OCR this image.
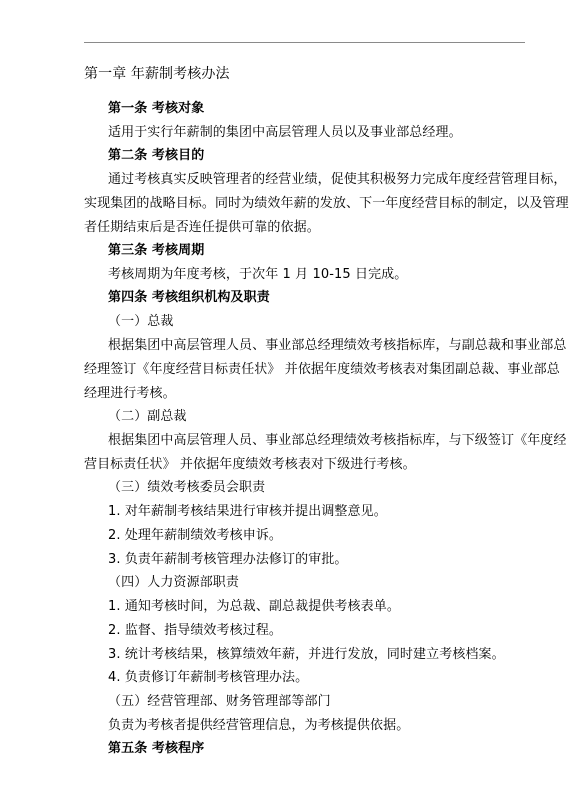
第一章 年薪制考核办法
第一条 考核对象
适用于实行年薪制的集团中高层管理人员以及事业部总经理。
第二条 考核目的
通过考核真实反映管理者的经营业绩，促使其积极努力完成年度经营管理目标，
实现集团的战略目标。同时为绩效年薪的发放、下一年度经营目标的制定，以及管理
者任期结束后是否连任提供可靠的依据。
第三条 考核周期
考核周期为年度考核，于次年 1 月 10-15 日完成。
第四条 考核组织机构及职责
（一）总裁
根据集团中高层管理人员、事业部总经理绩效考核指标库，与副总裁和事业部总
经理签订《年度经营目标责任状》 并依据年度绩效考核表对集团副总裁、事业部总
经理进行考核。
（二）副总裁
根据集团中高层管理人员、事业部总经理绩效考核指标库，与下级签订《年度经
营目标责任状》 并依据年度绩效考核表对下级进行考核。
（三）绩效考核委员会职责
1. 对年薪制考核结果进行审核并提出调整意见。
2. 处理年薪制绩效考核申诉。
3. 负责年薪制考核管理办法修订的审批。
（四）人力资源部职责
1. 通知考核时间，为总裁、副总裁提供考核表单。
2. 监督、指导绩效考核过程。
3. 统计考核结果，核算绩效年薪，并进行发放，同时建立考核档案。
4. 负责修订年薪制考核管理办法。
（五）经营管理部、财务管理部等部门
负责为考核者提供经营管理信息，为考核提供依据。
第五条 考核程序
